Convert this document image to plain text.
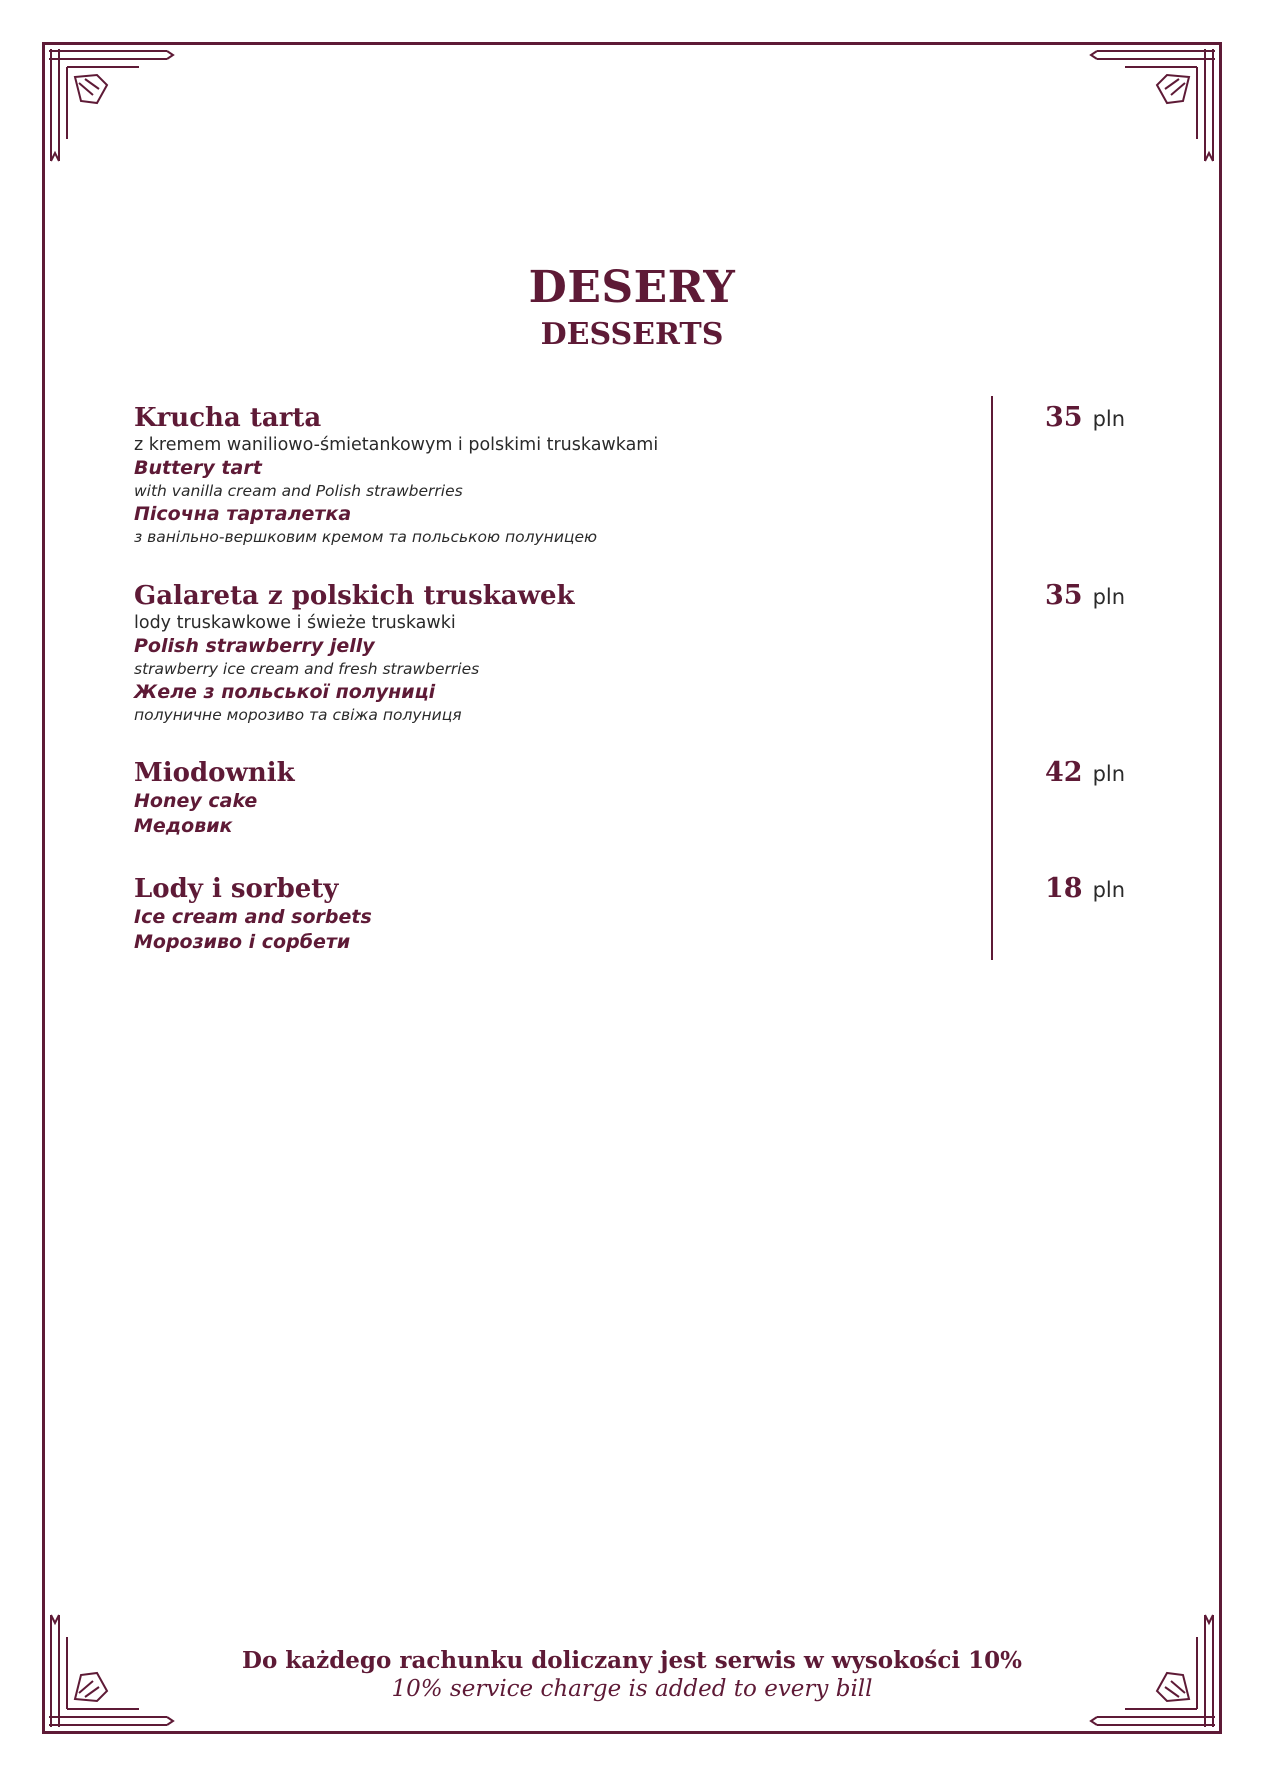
DESERY
DESSERTS
Krucha tarta
z kremem waniliowo-śmietankowym i polskimi truskawkami
Buttery tart
with vanilla cream and Polish strawberries
Пісочна тарталетка
з ванільно-вершковим кремом та польською полуницею
35 pln
Galareta z polskich truskawek
lody truskawkowe i świeże truskawki
Polish strawberry jelly
strawberry ice cream and fresh strawberries
Желе з польської полуниці
полуничне морозиво та свіжа полуниця
35 pln
Miodownik
Honey cake
Медовик
42 pln
Lody i sorbety
Ice cream and sorbets
Морозиво і сорбети
18 pln
Do każdego rachunku doliczany jest serwis w wysokości 10%
10% service charge is added to every bill
